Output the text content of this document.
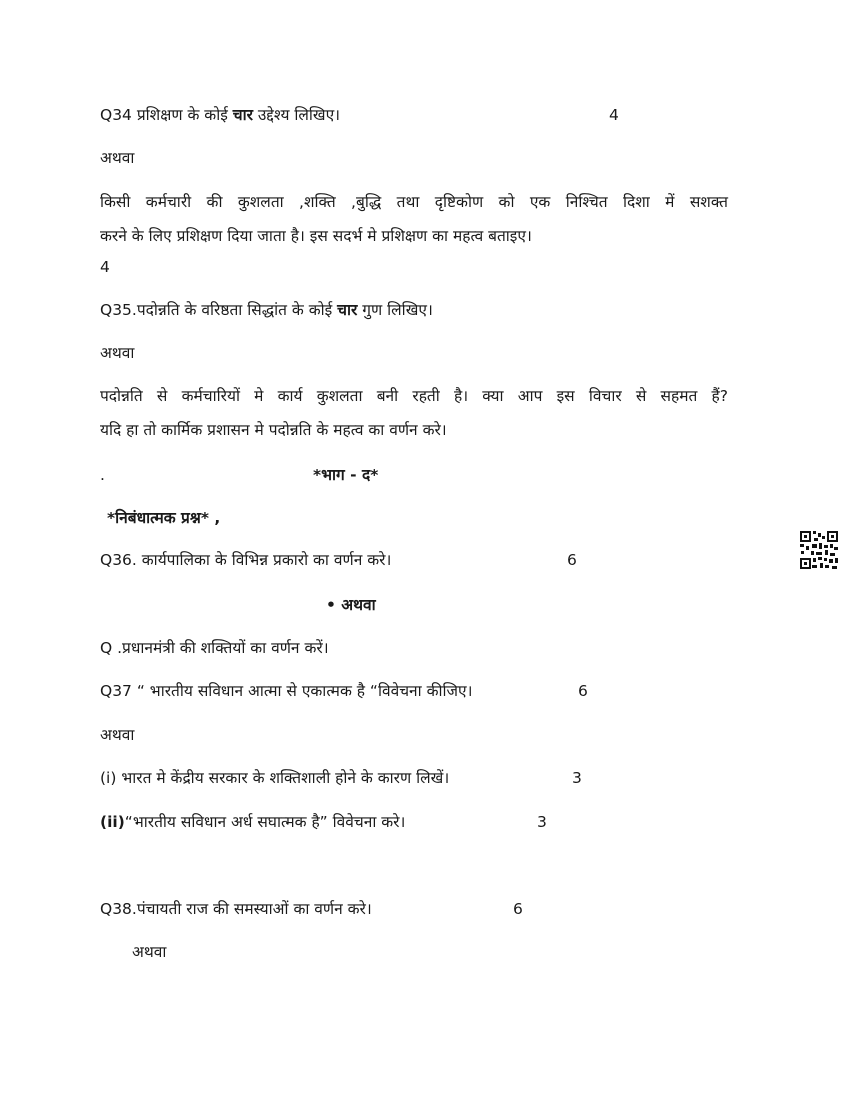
Q34 प्रशिक्षण के कोई चार उद्देश्य लिखिए।	4
अथवा
किसी कर्मचारी की कुशलता ,शक्ति ,बुद्धि तथा दृष्टिकोण को एक निश्चित दिशा में सशक्त
करने के लिए प्रशिक्षण दिया जाता है। इस सदर्भ मे प्रशिक्षण का महत्व बताइए।
4
Q35.पदोन्नति के वरिष्ठता सिद्धांत के कोई चार गुण लिखिए।
अथवा
पदोन्नति से कर्मचारियों मे कार्य कुशलता बनी रहती है। क्या आप इस विचार से सहमत हैं?
यदि हा तो कार्मिक प्रशासन मे पदोन्नति के महत्व का वर्णन करे।
.	*भाग - द*
*निबंधात्मक प्रश्न* ,
Q36. कार्यपालिका के विभिन्न प्रकारो का वर्णन करे।	6
• अथवा
Q .प्रधानमंत्री की शक्तियों का वर्णन करें।
Q37 “ भारतीय सविधान आत्मा से एकात्मक है “विवेचना कीजिए।	6
अथवा
(i) भारत मे केंद्रीय सरकार के शक्तिशाली होने के कारण लिखें।	3
(ii)“भारतीय सविधान अर्ध सघात्मक है” विवेचना करे।	3
Q38.पंचायती राज की समस्याओं का वर्णन करे।	6
अथवा
